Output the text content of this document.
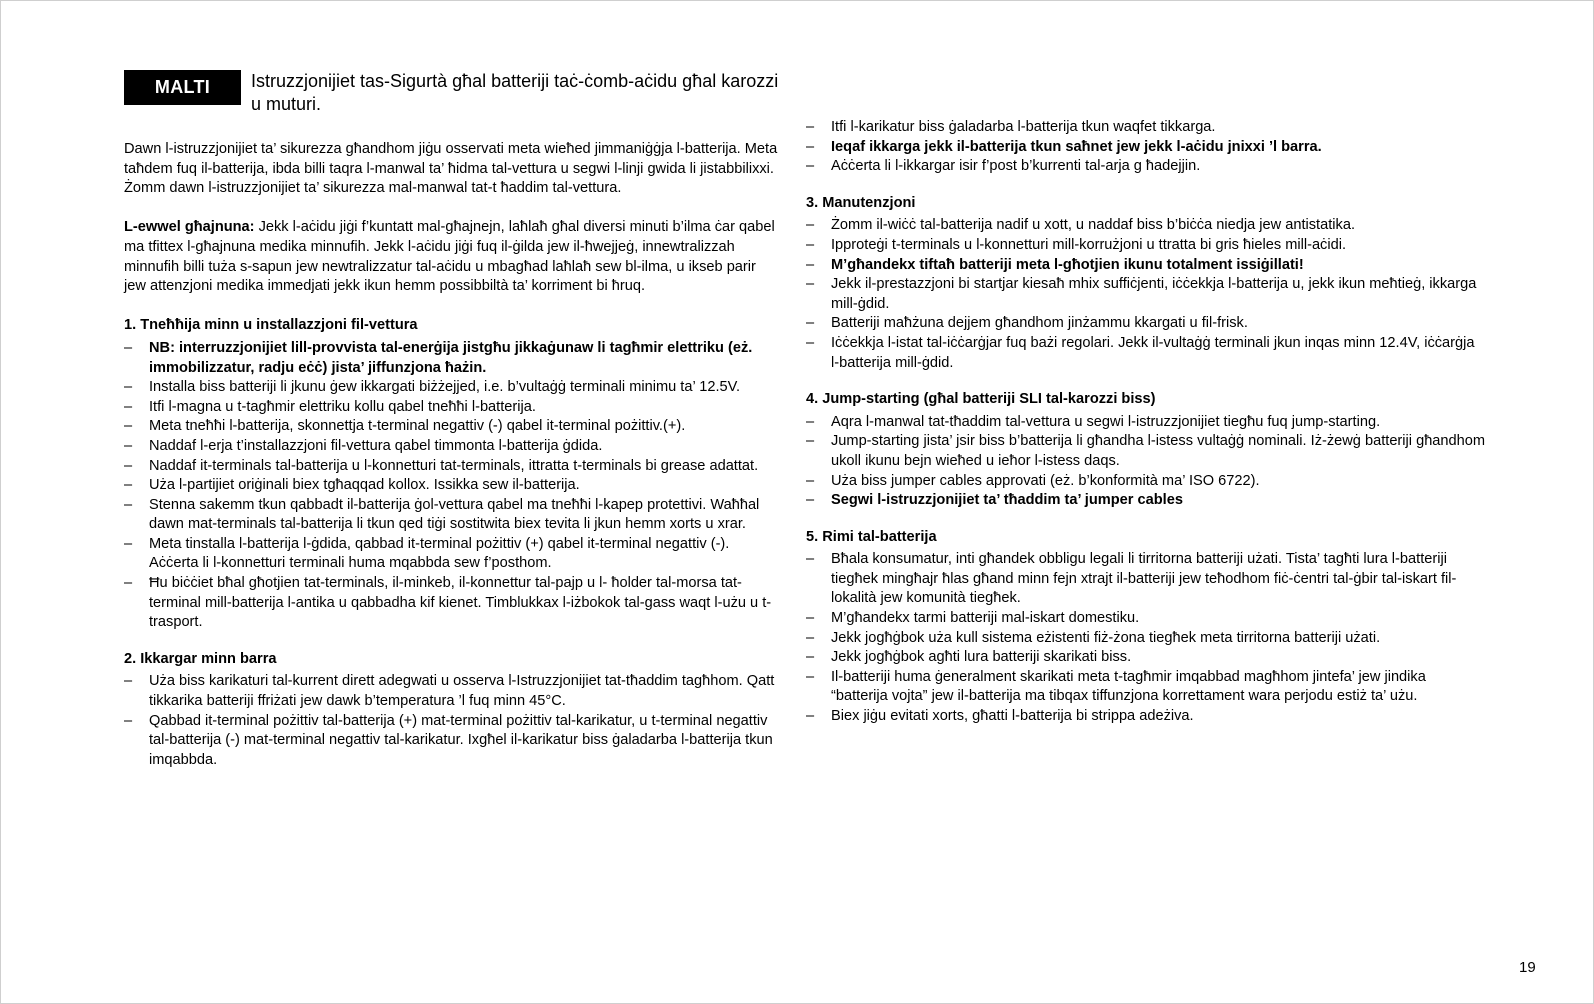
MALTI	Istruzzjonijiet tas-Sigurtà għal batteriji taċ-ċomb-aċidu għal karozzi u muturi.

Dawn l-istruzzjonijiet ta’ sikurezza għandhom jiġu osservati meta wieħed jimmaniġġja l-batterija. Meta taħdem fuq il-batterija, ibda billi taqra l-manwal ta’ ħidma tal-vettura u segwi l-linji gwida li jistabbilixxi. Żomm dawn l-istruzzjonijiet ta’ sikurezza mal-manwal tat-t ħaddim tal-vettura.

L-ewwel għajnuna: Jekk l-aċidu jiġi f’kuntatt mal-għajnejn, laħlaħ għal diversi minuti b’ilma ċar qabel ma tfittex l-għajnuna medika minnufih. Jekk l-aċidu jiġi fuq il-ġilda jew il-ħwejjeġ, innewtralizzah minnufih billi tuża s-sapun jew newtralizzatur tal-aċidu u mbagħad laħlaħ sew bl-ilma, u ikseb parir jew attenzjoni medika immedjati jekk ikun hemm possibbiltà ta’ korriment bi ħruq.

1. Tneħħija minn u installazzjoni fil-vettura
– NB: interruzzjonijiet lill-provvista tal-enerġija jistgħu jikkaġunaw li tagħmir elettriku (eż. immobilizzatur, radju eċċ) jista’ jiffunzjona ħażin.
– Installa biss batteriji li jkunu ġew ikkargati biżżejjed, i.e. b’vultaġġ terminali minimu ta’ 12.5V.
– Itfi l-magna u t-tagħmir elettriku kollu qabel tneħħi l-batterija.
– Meta tneħħi l-batterija, skonnettja t-terminal negattiv (-) qabel it-terminal pożittiv.(+).
– Naddaf l-erja t’installazzjoni fil-vettura qabel timmonta l-batterija ġdida.
– Naddaf it-terminals tal-batterija u l-konnetturi tat-terminals, ittratta t-terminals bi grease adattat.
– Uża l-partijiet oriġinali biex tgħaqqad kollox. Issikka sew il-batterija.
– Stenna sakemm tkun qabbadt il-batterija ġol-vettura qabel ma tneħħi l-kapep protettivi. Waħħal dawn mat-terminals tal-batterija li tkun qed tiġi sostitwita biex tevita li jkun hemm xorts u xrar.
– Meta tinstalla l-batterija l-ġdida, qabbad it-terminal pożittiv (+) qabel it-terminal negattiv (-). Aċċerta li l-konnetturi terminali huma mqabbda sew f’posthom.
– Ħu biċċiet bħal għotjien tat-terminals, il-minkeb, il-konnettur tal-pajp u l- ħolder tal-morsa tat-terminal mill-batterija l-antika u qabbadha kif kienet. Timblukkax l-iżbokok tal-gass waqt l-użu u t-trasport.
2. Ikkargar minn barra
– Uża biss karikaturi tal-kurrent dirett adegwati u osserva l-Istruzzjonijiet tat-tħaddim tagħhom. Qatt tikkarika batteriji ffriżati jew dawk b’temperatura ’l fuq minn 45°C.
– Qabbad it-terminal pożittiv tal-batterija (+) mat-terminal pożittiv tal-karikatur, u t-terminal negattiv tal-batterija (-) mat-terminal negattiv tal-karikatur. Ixgħel il-karikatur biss ġaladarba l-batterija tkun imqabbda.
– Itfi l-karikatur biss ġaladarba l-batterija tkun waqfet tikkarga.
– Ieqaf ikkarga jekk il-batterija tkun saħnet jew jekk l-aċidu jnixxi ’l barra.
– Aċċerta li l-ikkargar isir f’post b’kurrenti tal-arja g ħadejjin.
3. Manutenzjoni
– Żomm il-wiċċ tal-batterija nadif u xott, u naddaf biss b’biċċa niedja jew antistatika.
– Ipproteġi t-terminals u l-konnetturi mill-korrużjoni u ttratta bi gris ħieles mill-aċidi.
– M’għandekx tiftaħ batteriji meta l-għotjien ikunu totalment issiġillati!
– Jekk il-prestazzjoni bi startjar kiesaħ mhix suffiċjenti, iċċekkja l-batterija u, jekk ikun meħtieġ, ikkarga mill-ġdid.
– Batteriji maħżuna dejjem għandhom jinżammu kkargati u fil-frisk.
– Iċċekkja l-istat tal-iċċarġjar fuq bażi regolari. Jekk il-vultaġġ terminali jkun inqas minn 12.4V, iċċarġja l-batterija mill-ġdid.
4. Jump-starting (għal batteriji SLI tal-karozzi biss)
– Aqra l-manwal tat-tħaddim tal-vettura u segwi l-istruzzjonijiet tiegħu fuq jump-starting.
– Jump-starting jista’ jsir biss b’batterija li għandha l-istess vultaġġ nominali. Iż-żewġ batteriji għandhom ukoll ikunu bejn wieħed u ieħor l-istess daqs.
– Uża biss jumper cables approvati (eż. b’konformità ma’ ISO 6722).
– Segwi l-istruzzjonijiet ta’ tħaddim ta’ jumper cables
5. Rimi tal-batterija
– Bħala konsumatur, inti għandek obbligu legali li tirritorna batteriji użati. Tista’ tagħti lura l-batteriji tiegħek mingħajr ħlas għand minn fejn xtrajt il-batteriji jew teħodhom fiċ-ċentri tal-ġbir tal-iskart fil-lokalità jew komunità tiegħek.
– M’għandekx tarmi batteriji mal-iskart domestiku.
– Jekk jogħġbok uża kull sistema eżistenti fiż-żona tiegħek meta tirritorna batteriji użati.
– Jekk jogħġbok agħti lura batteriji skarikati biss.
– Il-batteriji huma ġeneralment skarikati meta t-tagħmir imqabbad magħhom jintefa’ jew jindika “batterija vojta” jew il-batterija ma tibqax tiffunzjona korrettament wara perjodu estiż ta’ użu.
– Biex jiġu evitati xorts, għatti l-batterija bi strippa adeżiva.
19
